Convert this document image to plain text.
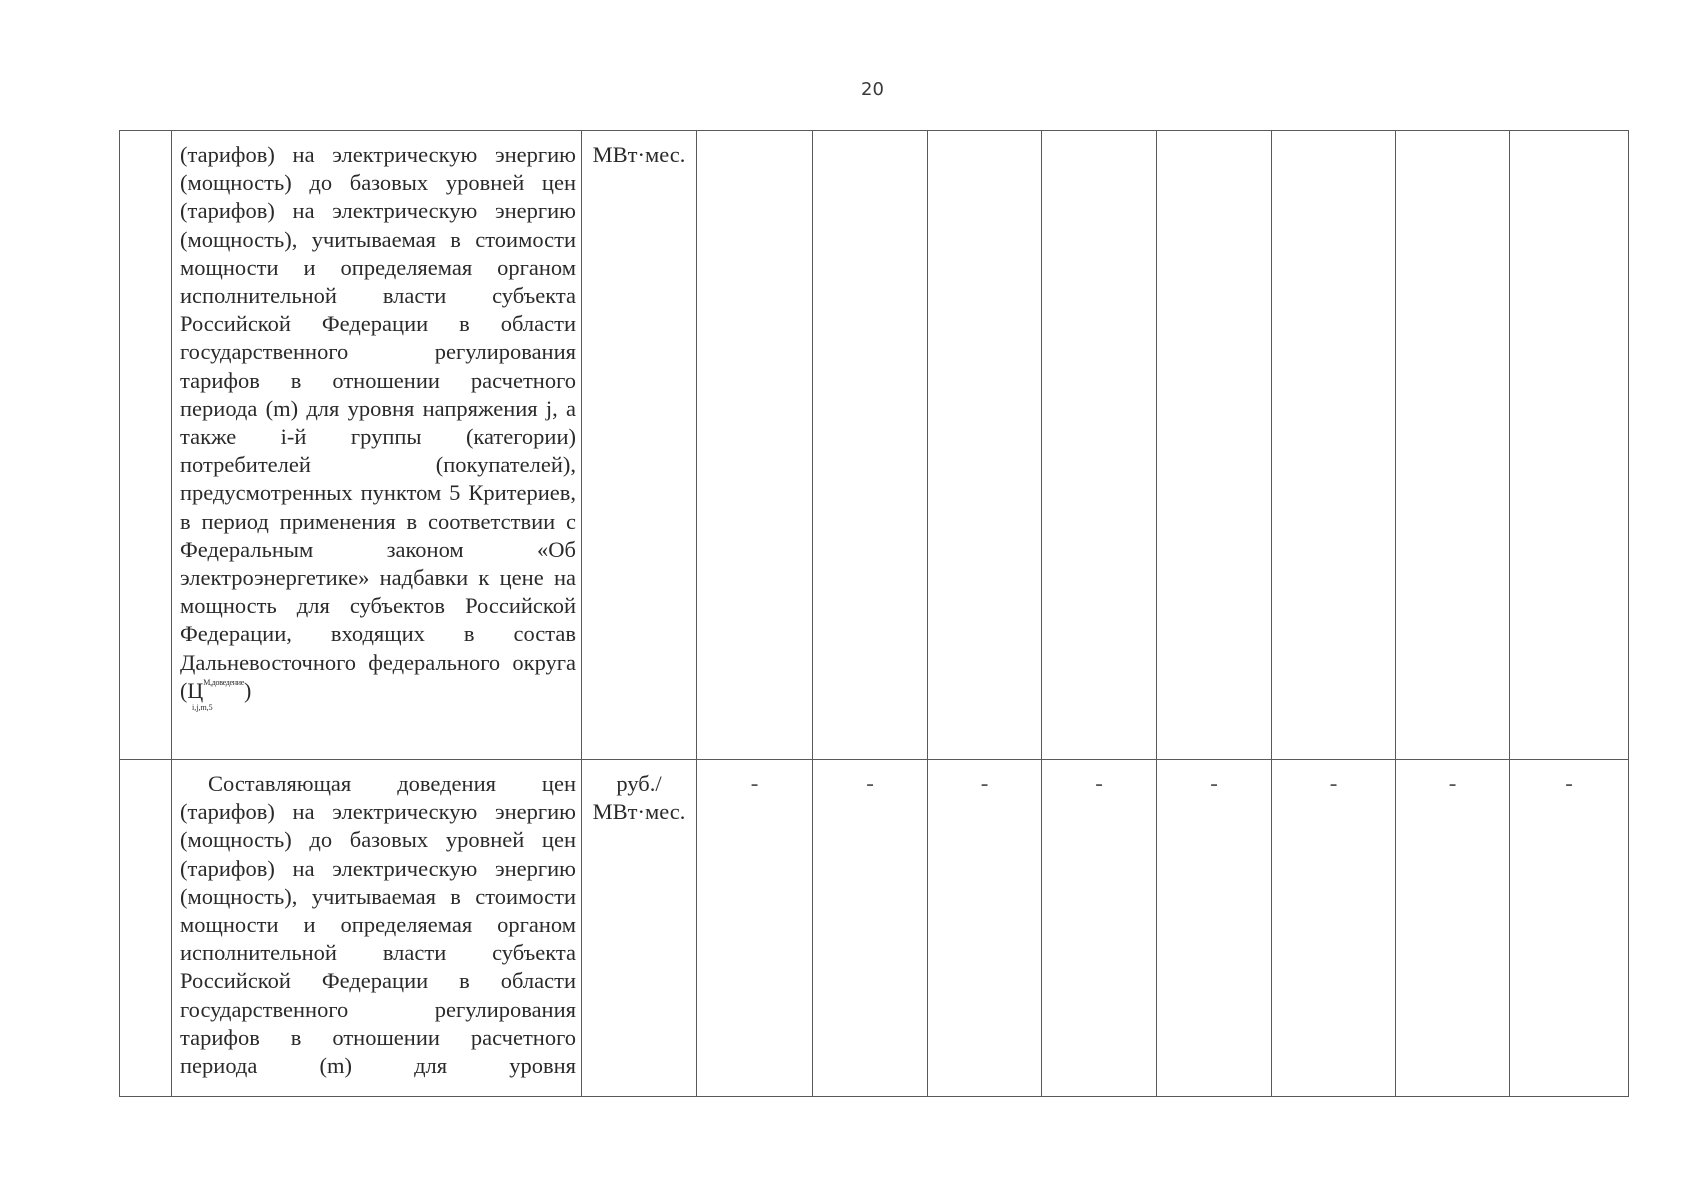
20
	(тарифов) на электрическую энергию (мощность) до базовых уровней цен (тарифов) на электрическую энергию (мощность), учитываемая в стоимости мощности и определяемая органом исполнительной власти субъекта Российской Федерации в области государственного регулирования тарифов в отношении расчетного периода (m) для уровня напряжения j, а также i-й группы (категории) потребителей (покупателей), предусмотренных пунктом 5 Критериев, в период применения в соответствии с Федеральным законом «Об электроэнергетике» надбавки к цене на мощность для субъектов Российской Федерации, входящих в состав Дальневосточного федерального округа ($Ц^{М,доведение}$
i,j,m,5
)	МВт·мес.								
	Составляющая доведения цен (тарифов) на электрическую энергию (мощность) до базовых уровней цен (тарифов) на электрическую энергию (мощность), учитываемая в стоимости мощности и определяемая органом исполнительной власти субъекта Российской Федерации в области государственного регулирования тарифов в отношении расчетного периода (m) для уровня	руб./ МВт·мес.	-	-	-	-	-	-	-	-
